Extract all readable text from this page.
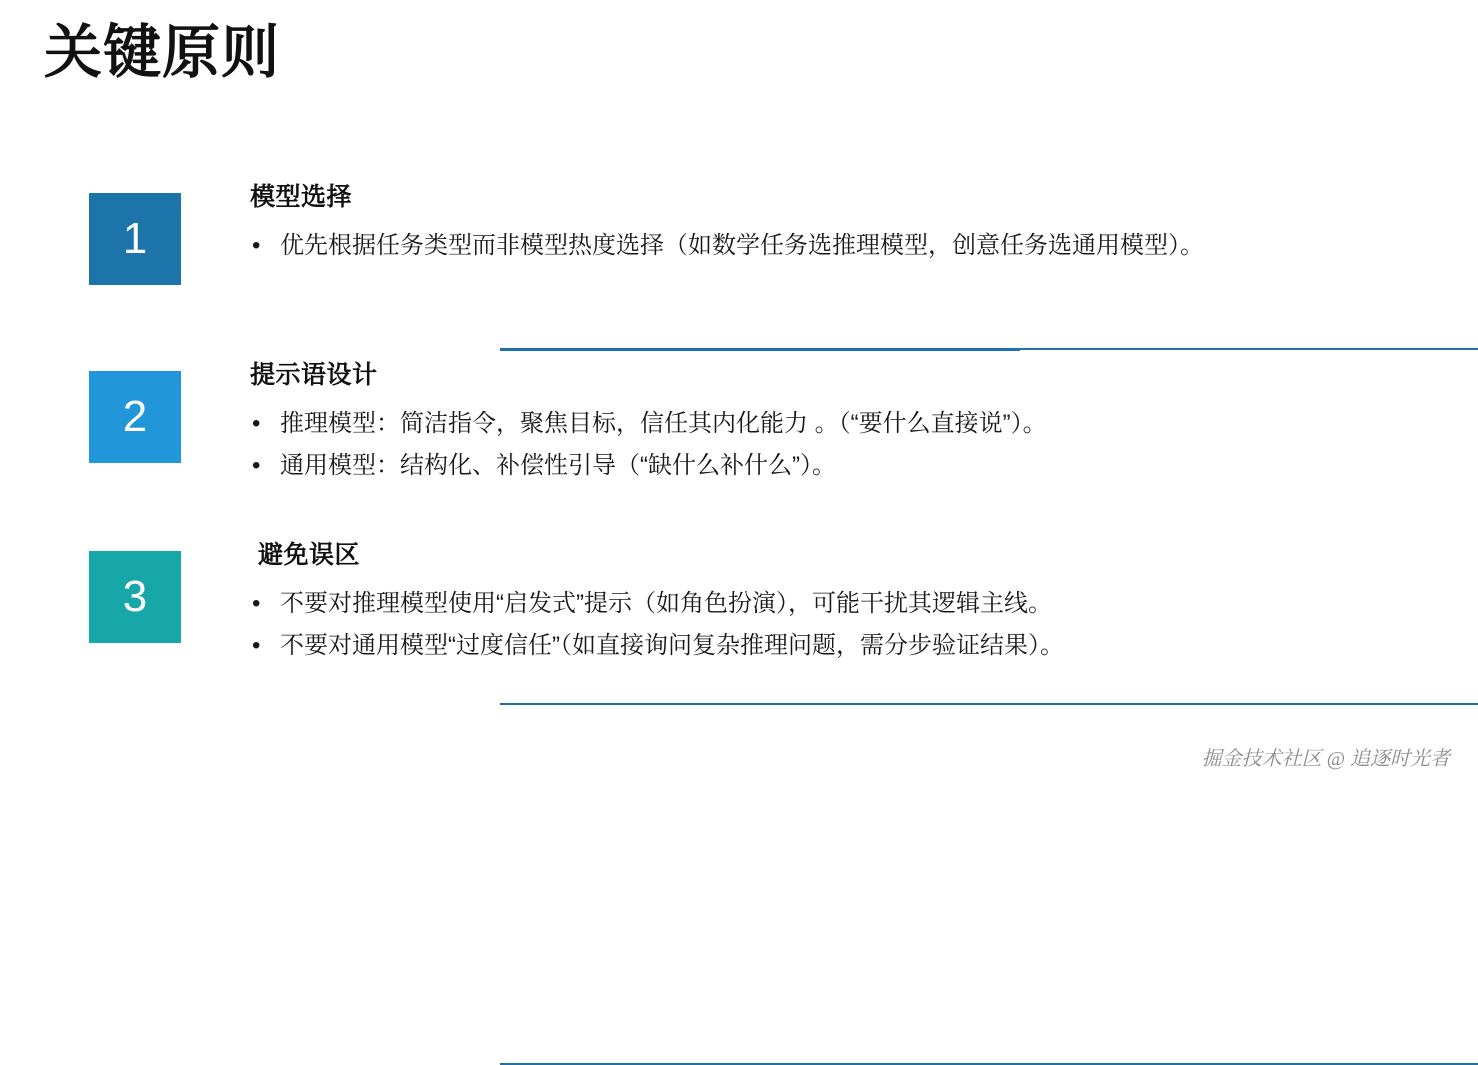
关键原则
1
模型选择
• 优先根据任务类型而非模型热度选择（如数学任务选推理模型，创意任务选通用模型）。
2
提示语设计
• 推理模型：简洁指令，聚焦目标，信任其内化能力 。（“要什么直接说”）。
• 通用模型：结构化、补偿性引导（“缺什么补什么”）。
3
避免误区
• 不要对推理模型使用“启发式”提示（如角色扮演），可能干扰其逻辑主线。
• 不要对通用模型“过度信任”（如直接询问复杂推理问题，需分步验证结果）。
掘金技术社区 @ 追逐时光者
